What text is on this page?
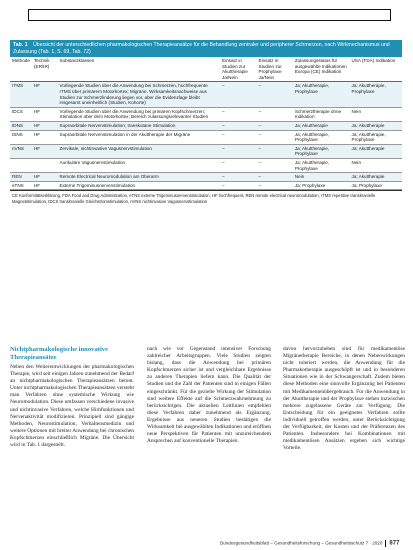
Tab. 1 Übersicht der unterschiedlichen pharmakologischen Therapieansätze für die Behandlung zentraler und peripherer Schmerzen, nach Wirkmechanismus und Zulassung (Tab. 1, S. 69, Tab. 72)
Methode	Technik (ER/IR)	Substanzklassen	Einsatz in Studien zur Akuttherapie Ja/Nein	Einsatz in Studien zur Prophylaxe Ja/Nein	Zulassungsstatus für ausgewählte Indikationen Europa (CE) Indikation	USA (FDA) Indikation
rTMS	HF	Vorliegende Studien über die Anwendung bei Schmerzen, hochfrequente rTMS über primärem Motorkortex; Migräne. Wirksamkeitsnachweise aus Studien zur Schmerzlinderung liegen vor, aber die Evidenzlage bleibt insgesamt uneinheitlich (Studien, Kohorte)	–	–	Ja; Akuttherapie, Prophylaxe	Ja; Akuttherapie, Prophylaxe
tDCS	HF	Vorliegende Studien über die Anwendung bei primären Kopfschmerzen; Stimulation über dem Motorkortex; Bereich zulassungsrelevanter Studien	–	–	Schmerztherapie ohne Indikation	Nein
tDNS	HF	Supraorbitale Nervenstimulation; transkutane Stimulation	–	–	Ja; Akuttherapie	Ja; Akuttherapie
tSNS	HF	Supraorbitale Nervenstimulation in der Akuttherapie der Migräne	–	–	Ja; Akuttherapie, Prophylaxe	Ja; Akuttherapie, Prophylaxe
nVNS	HF	Zervikale, nichtinvasive Vagusnervstimulation	–	–	Ja; Akuttherapie, Prophylaxe	Ja; Akuttherapie
		Aurikuläre Vagusnervstimulation	–	–	Ja; Akuttherapie, Prophylaxe	Nein
REN	HF	Remote Electrical Neuromodulation am Oberarm	–	–	Nein	Ja; Akuttherapie
eTNS	HF	Externe Trigeminusnervenstimulation	–	–	Ja; Prophylaxe	Ja; Prophylaxe
CE Konformitätserklärung, FDA Food and Drug Administration, eTNS externe Trigeminusnervenstimulation, HF hochfrequent, REN remote electrical neuromodulation, rTMS repetitive transkranielle Magnetstimulation, tDCS transkranielle Gleichstromstimulation, nVNS nichtinvasive Vagusnervstimulation
Nichtpharmakologische innovative Therapieansätze

Neben den Weiterentwicklungen der pharmakologischen Therapie, wird seit einigen Jahren zunehmend der Bedarf an nichtpharmakologischen Therapieansätzen betont. Unter nichtpharmakologischen Therapieansätzen versteht man Verfahren ohne systemische Wirkung wie Neuromodulation. Diese umfassen verschiedene invasive und nichtinvasive Verfahren, welche Hirnfunktionen und Nervenaktivität modifizieren. Prinzipiell sind gängige Methoden, Neurostimulation, Verhaltensmedizin und weitere Optionen mit breiter Anwendung bei chronischen Kopfschmerzen einschließlich Migräne. Die Übersicht wird in Tab. 1 dargestellt.

nach wie vor Gegenstand intensiver Forschung zahlreicher Arbeitsgruppen. Viele Studien zeigten bislang, dass die Anwendung bei primären Kopfschmerzen sicher ist und vergleichbare Ergebnisse zu anderen Therapien liefern kann. Die Qualität der Studien und die Zahl der Patienten sind in einigen Fällen eingeschränkt. Für die gezielte Wirkung der Stimulation sind weitere Effekte auf die Schmerzwahrnehmung zu berücksichtigen. Die aktuellen Leitlinien empfehlen diese Verfahren daher zunehmend als Ergänzung. Ergebnisse aus neueren Studien bestätigen die Wirksamkeit bei ausgewählten Indikationen und eröffnen neue Perspektiven für Patienten mit unzureichendem Ansprechen auf konventionelle Therapien.

davon hervorzuheben sind für medikamentöse Migränetherapie Bereiche, in denen Nebenwirkungen nicht toleriert werden, die Anwendung für die Pharmakotherapie ausgeschöpft ist und in besonderen Situationen wie in der Schwangerschaft. Zudem bieten diese Methoden eine sinnvolle Ergänzung bei Patienten mit Medikamentenübergebrauch. Für die Anwendung in der Akuttherapie und der Prophylaxe stehen inzwischen mehrere zugelassene Geräte zur Verfügung. Die Entscheidung für ein geeignetes Verfahren sollte individuell getroffen werden, unter Berücksichtigung der Verfügbarkeit, der Kosten und der Präferenzen des Patienten. Insbesondere bei Kombinationen mit medikamentösen Ansätzen ergeben sich wichtige Vorteile.

Bundesgesundheitsblatt – Gesundheitsforschung – Gesundheitsschutz 7 · 2020 877
